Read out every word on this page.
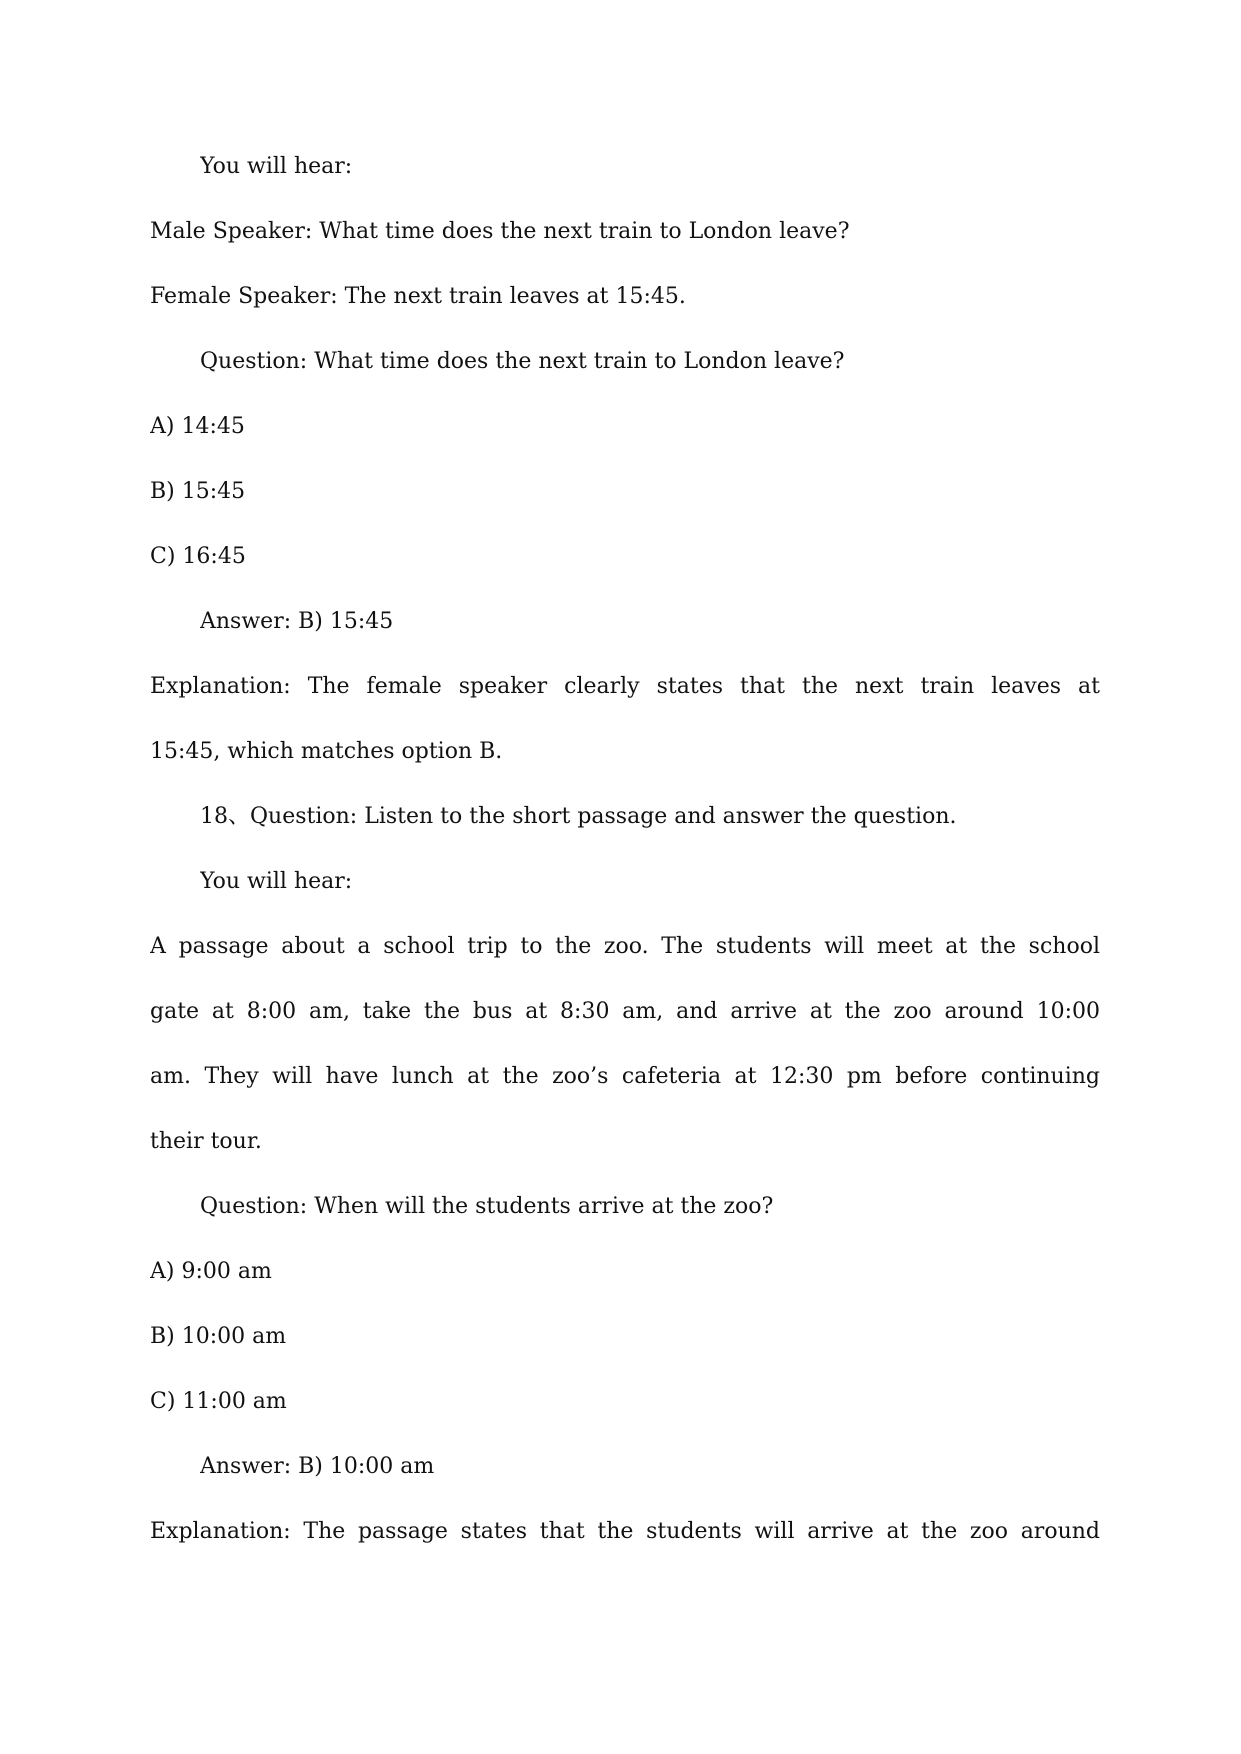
You will hear:
Male Speaker: What time does the next train to London leave?
Female Speaker: The next train leaves at 15:45.
Question: What time does the next train to London leave?
A) 14:45
B) 15:45
C) 16:45
Answer: B) 15:45
Explanation: The female speaker clearly states that the next train leaves at
15:45, which matches option B.
18、Question: Listen to the short passage and answer the question.
You will hear:
A passage about a school trip to the zoo. The students will meet at the school
gate at 8:00 am, take the bus at 8:30 am, and arrive at the zoo around 10:00
am. They will have lunch at the zoo’s cafeteria at 12:30 pm before continuing
their tour.
Question: When will the students arrive at the zoo?
A) 9:00 am
B) 10:00 am
C) 11:00 am
Answer: B) 10:00 am
Explanation: The passage states that the students will arrive at the zoo around
